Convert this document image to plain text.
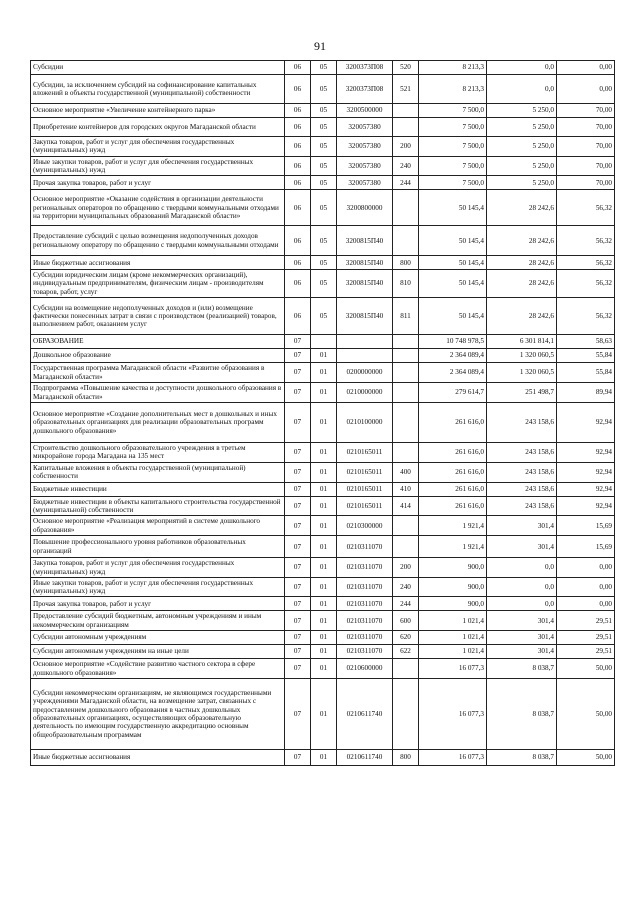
91
Субсидии	06	05	3200373П08	520	8 213,3	0,0	0,00
Субсидии, за исключением субсидий на софинансирование капитальных вложений в объекты государственной (муниципальной) собственности	06	05	3200373П08	521	8 213,3	0,0	0,00
Основное мероприятие «Увеличение контейнерного парка»	06	05	3200500000		7 500,0	5 250,0	70,00
Приобретение контейнеров для городских округов Магаданской области	06	05	320057380		7 500,0	5 250,0	70,00
Закупка товаров, работ и услуг для обеспечения государственных (муниципальных) нужд	06	05	320057380	200	7 500,0	5 250,0	70,00
Иные закупки товаров, работ и услуг для обеспечения государственных (муниципальных) нужд	06	05	320057380	240	7 500,0	5 250,0	70,00
Прочая закупка товаров, работ и услуг	06	05	320057380	244	7 500,0	5 250,0	70,00
Основное мероприятие «Оказание содействия в организации деятельности региональных операторов по обращению с твердыми коммунальными отходами на территории муниципальных образований Магаданской области»	06	05	3200800000		50 145,4	28 242,6	56,32
Предоставление субсидий с целью возмещения недополученных доходов региональному оператору по обращению с твердыми коммунальными отходами	06	05	3200815П40		50 145,4	28 242,6	56,32
Иные бюджетные ассигнования	06	05	3200815П40	800	50 145,4	28 242,6	56,32
Субсидии юридическим лицам (кроме некоммерческих организаций), индивидуальным предпринимателям, физическим лицам - производителям товаров, работ, услуг	06	05	3200815П40	810	50 145,4	28 242,6	56,32
Субсидии на возмещение недополученных доходов и (или) возмещение фактически понесенных затрат в связи с производством (реализацией) товаров, выполнением работ, оказанием услуг	06	05	3200815П40	811	50 145,4	28 242,6	56,32
ОБРАЗОВАНИЕ	07				10 748 978,5	6 301 814,1	58,63
Дошкольное образование	07	01			2 364 089,4	1 320 060,5	55,84
Государственная программа Магаданской области «Развитие образования в Магаданской области»	07	01	0200000000		2 364 089,4	1 320 060,5	55,84
Подпрограмма «Повышение качества и доступности дошкольного образования в Магаданской области»	07	01	0210000000		279 614,7	251 498,7	89,94
Основное мероприятие «Создание дополнительных мест в дошкольных и иных образовательных организациях для реализации образовательных программ дошкольного образования»	07	01	0210100000		261 616,0	243 158,6	92,94
Строительство дошкольного образовательного учреждения в третьем микрорайоне города Магадана на 135 мест	07	01	0210165011		261 616,0	243 158,6	92,94
Капитальные вложения в объекты государственной (муниципальной) собственности	07	01	0210165011	400	261 616,0	243 158,6	92,94
Бюджетные инвестиции	07	01	0210165011	410	261 616,0	243 158,6	92,94
Бюджетные инвестиции в объекты капитального строительства государственной (муниципальной) собственности	07	01	0210165011	414	261 616,0	243 158,6	92,94
Основное мероприятие «Реализация мероприятий в системе дошкольного образования»	07	01	0210300000		1 921,4	301,4	15,69
Повышение профессионального уровня работников образовательных организаций	07	01	0210311070		1 921,4	301,4	15,69
Закупка товаров, работ и услуг для обеспечения государственных (муниципальных) нужд	07	01	0210311070	200	900,0	0,0	0,00
Иные закупки товаров, работ и услуг для обеспечения государственных (муниципальных) нужд	07	01	0210311070	240	900,0	0,0	0,00
Прочая закупка товаров, работ и услуг	07	01	0210311070	244	900,0	0,0	0,00
Предоставление субсидий бюджетным, автономным учреждениям и иным некоммерческим организациям	07	01	0210311070	600	1 021,4	301,4	29,51
Субсидии автономным учреждениям	07	01	0210311070	620	1 021,4	301,4	29,51
Субсидии автономным учреждениям на иные цели	07	01	0210311070	622	1 021,4	301,4	29,51
Основное мероприятие «Содействие развитию частного сектора в сфере дошкольного образования»	07	01	0210600000		16 077,3	8 038,7	50,00
Субсидии некоммерческим организациям, не являющимся государственными учреждениями Магаданской области, на возмещение затрат, связанных с предоставлением дошкольного образования в частных дошкольных образовательных организациях, осуществляющих образовательную деятельность по имеющим государственную аккредитацию основным общеобразовательным программам	07	01	0210611740		16 077,3	8 038,7	50,00
Иные бюджетные ассигнования	07	01	0210611740	800	16 077,3	8 038,7	50,00
